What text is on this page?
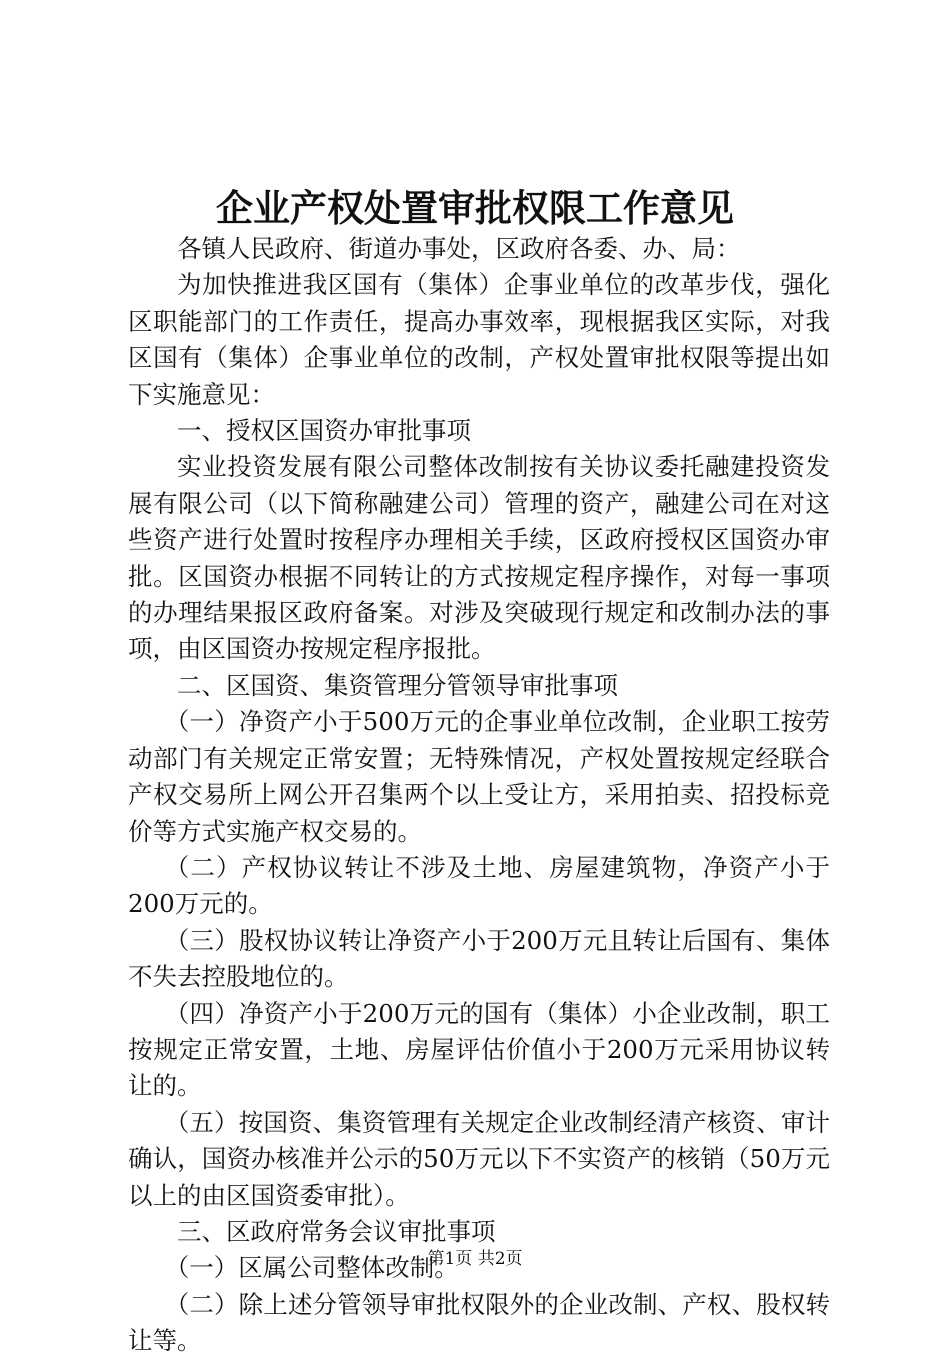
企业产权处置审批权限工作意见

各镇人民政府、街道办事处，区政府各委、办、局：

为加快推进我区国有（集体）企事业单位的改革步伐，强化区职能部门的工作责任，提高办事效率，现根据我区实际，对我区国有（集体）企事业单位的改制，产权处置审批权限等提出如下实施意见：

一、授权区国资办审批事项

实业投资发展有限公司整体改制按有关协议委托融建投资发展有限公司（以下简称融建公司）管理的资产，融建公司在对这些资产进行处置时按程序办理相关手续，区政府授权区国资办审批。区国资办根据不同转让的方式按规定程序操作，对每一事项的办理结果报区政府备案。对涉及突破现行规定和改制办法的事项，由区国资办按规定程序报批。

二、区国资、集资管理分管领导审批事项

（一）净资产小于500万元的企事业单位改制，企业职工按劳动部门有关规定正常安置；无特殊情况，产权处置按规定经联合产权交易所上网公开召集两个以上受让方，采用拍卖、招投标竞价等方式实施产权交易的。

（二）产权协议转让不涉及土地、房屋建筑物，净资产小于200万元的。

（三）股权协议转让净资产小于200万元且转让后国有、集体不失去控股地位的。

（四）净资产小于200万元的国有（集体）小企业改制，职工按规定正常安置，土地、房屋评估价值小于200万元采用协议转让的。

（五）按国资、集资管理有关规定企业改制经清产核资、审计确认，国资办核准并公示的50万元以下不实资产的核销（50万元以上的由区国资委审批）。

三、区政府常务会议审批事项

（一）区属公司整体改制。

（二）除上述分管领导审批权限外的企业改制、产权、股权转让等。

第1页 共2页
